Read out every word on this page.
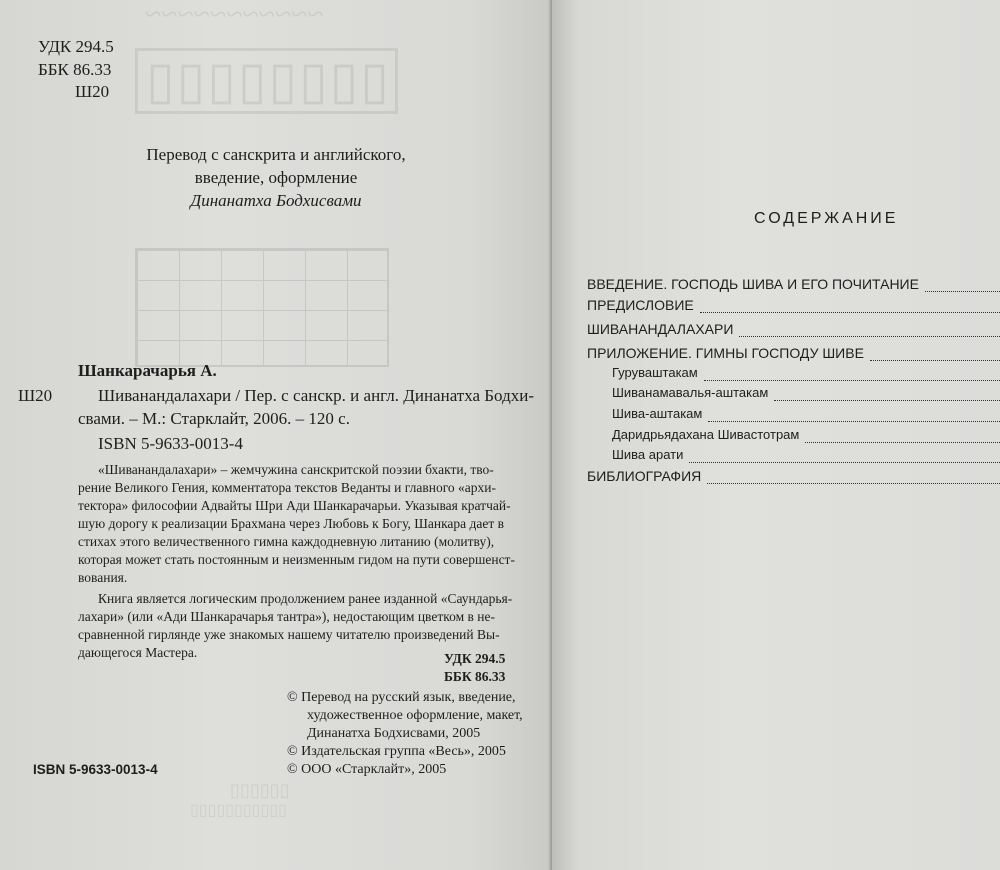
~~~~~~~~~~~
▯▯▯▯▯▯▯▯
УДК 294.5
ББК 86.33
Ш20
Перевод с санскрита и английского,
введение, оформление
Динанатха Бодхисвами
Шанкарачарья А.
Ш20	Шиванандалахари / Пер. с санскр. и англ. Динанатха Бодхи-
свами. – М.: Старклайт, 2006. – 120 с.
ISBN 5-9633-0013-4
«Шиванандалахари» – жемчужина санскритской поэзии бхакти, тво-
рение Великого Гения, комментатора текстов Веданты и главного «архи-
тектора» философии Адвайты Шри Ади Шанкарачарьи. Указывая кратчай-
шую дорогу к реализации Брахмана через Любовь к Богу, Шанкара дает в
стихах этого величественного гимна каждодневную литанию (молитву),
которая может стать постоянным и неизменным гидом на пути совершенст-
вования.
Книга является логическим продолжением ранее изданной «Саундарья-
лахари» (или «Ади Шанкарачарья тантра»), недостающим цветком в не-
сравненной гирлянде уже знакомых нашему читателю произведений Вы-
дающегося Мастера.	УДК 294.5
ББК 86.33
© Перевод на русский язык, введение,
художественное оформление, макет,
Динанатха Бодхисвами, 2005
© Издательская группа «Весь», 2005
© ООО «Старклайт», 2005
ISBN 5-9633-0013-4
▯▯▯▯▯▯
▯▯▯▯▯▯▯▯▯▯▯
СОДЕРЖАНИЕ
ВВЕДЕНИЕ. ГОСПОДЬ ШИВА И ЕГО ПОЧИТАНИЕ
ПРЕДИСЛОВИЕ
ШИВАНАНДАЛАХАРИ
ПРИЛОЖЕНИЕ. ГИМНЫ ГОСПОДУ ШИВЕ
Гуруваштакам
Шиванамавалья-аштакам
Шива-аштакам
Даридрьядахана Шивастотрам
Шива арати
БИБЛИОГРАФИЯ
